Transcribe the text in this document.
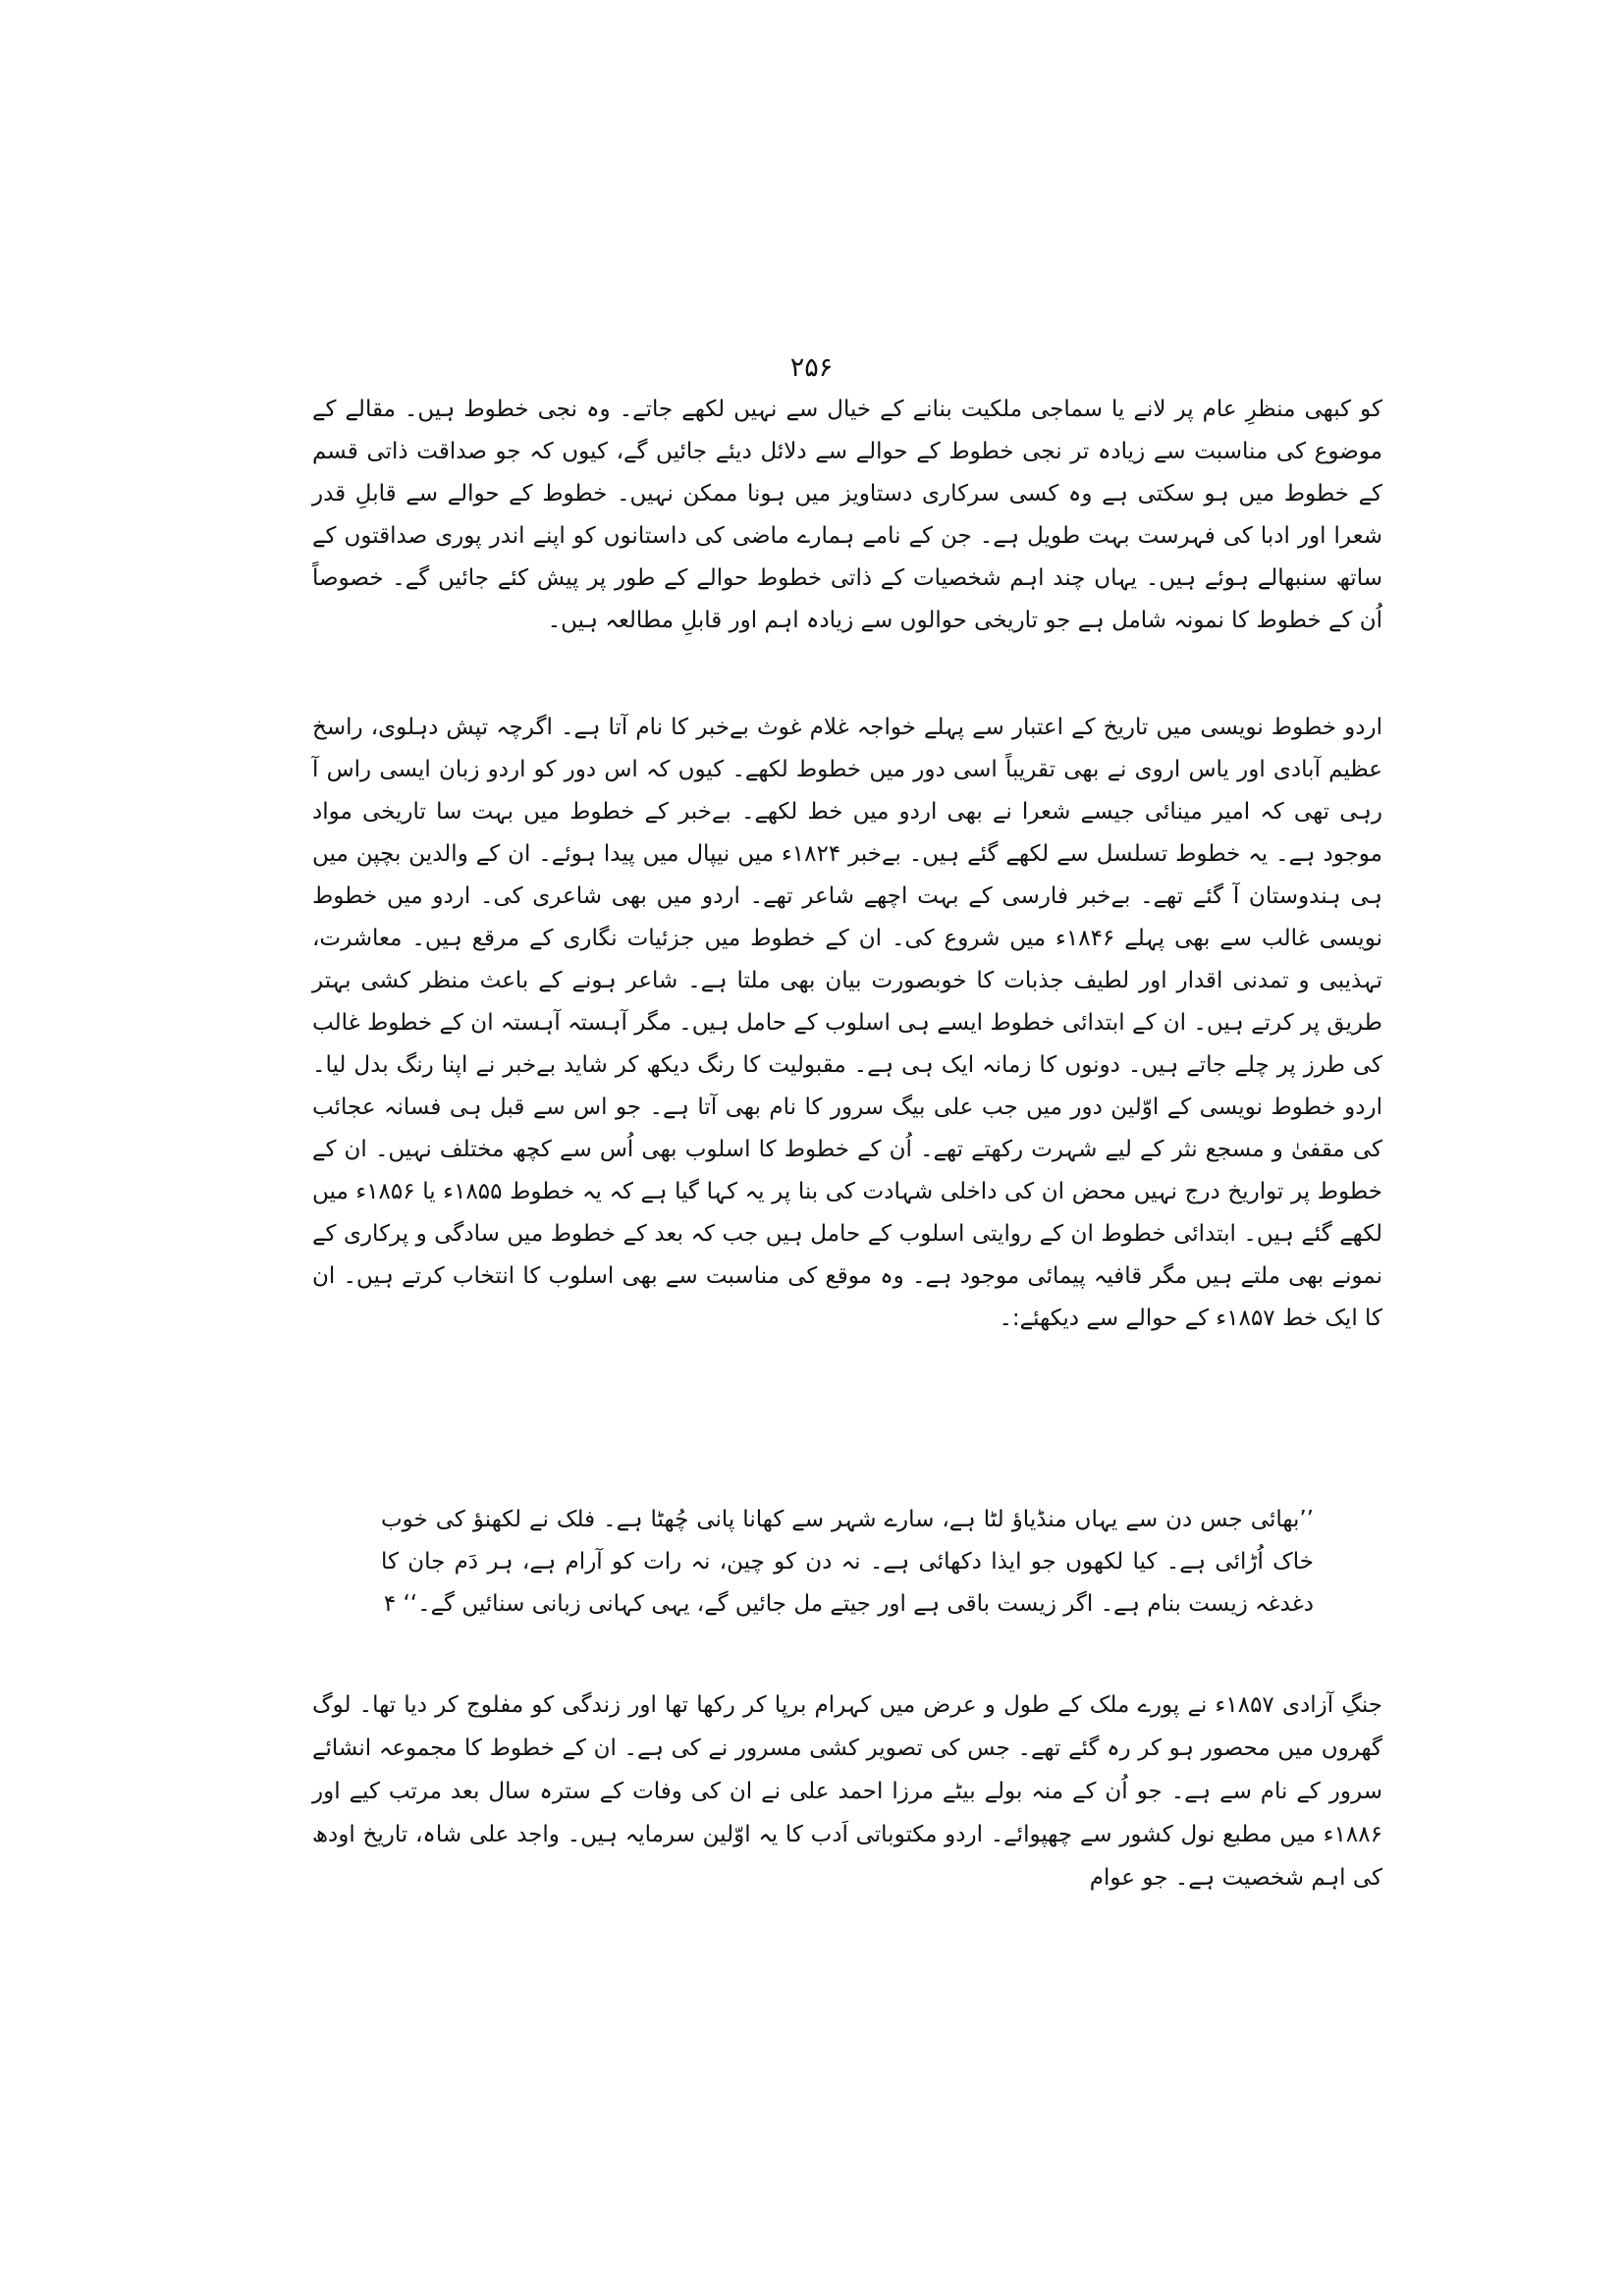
۲۵۶

کو کبھی منظرِ عام پر لانے یا سماجی ملکیت بنانے کے خیال سے نہیں لکھے جاتے۔ وہ نجی خطوط ہیں۔ مقالے کے موضوع کی مناسبت سے زیادہ تر نجی خطوط کے حوالے سے دلائل دیئے جائیں گے، کیوں کہ جو صداقت ذاتی قسم کے خطوط میں ہو سکتی ہے وہ کسی سرکاری دستاویز میں ہونا ممکن نہیں۔ خطوط کے حوالے سے قابلِ قدر شعرا اور ادبا کی فہرست بہت طویل ہے۔ جن کے نامے ہمارے ماضی کی داستانوں کو اپنے اندر پوری صداقتوں کے ساتھ سنبھالے ہوئے ہیں۔ یہاں چند اہم شخصیات کے ذاتی خطوط حوالے کے طور پر پیش کئے جائیں گے۔ خصوصاً اُن کے خطوط کا نمونہ شامل ہے جو تاریخی حوالوں سے زیادہ اہم اور قابلِ مطالعہ ہیں۔

اردو خطوط نویسی میں تاریخ کے اعتبار سے پہلے خواجہ غلام غوث بےخبر کا نام آتا ہے۔ اگرچہ تپش دہلوی، راسخ عظیم آبادی اور یاس اروی نے بھی تقریباً اسی دور میں خطوط لکھے۔ کیوں کہ اس دور کو اردو زبان ایسی راس آ رہی تھی کہ امیر مینائی جیسے شعرا نے بھی اردو میں خط لکھے۔ بےخبر کے خطوط میں بہت سا تاریخی مواد موجود ہے۔ یہ خطوط تسلسل سے لکھے گئے ہیں۔ بےخبر ۱۸۲۴ء میں نیپال میں پیدا ہوئے۔ ان کے والدین بچپن میں ہی ہندوستان آ گئے تھے۔ بےخبر فارسی کے بہت اچھے شاعر تھے۔ اردو میں بھی شاعری کی۔ اردو میں خطوط نویسی غالب سے بھی پہلے ۱۸۴۶ء میں شروع کی۔ ان کے خطوط میں جزئیات نگاری کے مرقع ہیں۔ معاشرت، تہذیبی و تمدنی اقدار اور لطیف جذبات کا خوبصورت بیان بھی ملتا ہے۔ شاعر ہونے کے باعث منظر کشی بہتر طریق پر کرتے ہیں۔ ان کے ابتدائی خطوط ایسے ہی اسلوب کے حامل ہیں۔ مگر آہستہ آہستہ ان کے خطوط غالب کی طرز پر چلے جاتے ہیں۔ دونوں کا زمانہ ایک ہی ہے۔ مقبولیت کا رنگ دیکھ کر شاید بےخبر نے اپنا رنگ بدل لیا۔ اردو خطوط نویسی کے اوّلین دور میں جب علی بیگ سرور کا نام بھی آتا ہے۔ جو اس سے قبل ہی فسانہ عجائب کی مقفیٰ و مسجع نثر کے لیے شہرت رکھتے تھے۔ اُن کے خطوط کا اسلوب بھی اُس سے کچھ مختلف نہیں۔ ان کے خطوط پر تواریخ درج نہیں محض ان کی داخلی شہادت کی بنا پر یہ کہا گیا ہے کہ یہ خطوط ۱۸۵۵ء یا ۱۸۵۶ء میں لکھے گئے ہیں۔ ابتدائی خطوط ان کے روایتی اسلوب کے حامل ہیں جب کہ بعد کے خطوط میں سادگی و پرکاری کے نمونے بھی ملتے ہیں مگر قافیہ پیمائی موجود ہے۔ وہ موقع کی مناسبت سے بھی اسلوب کا انتخاب کرتے ہیں۔ ان کا ایک خط ۱۸۵۷ء کے حوالے سے دیکھئے:۔

’’بھائی جس دن سے یہاں منڈیاؤ لٹا ہے، سارے شہر سے کھانا پانی چُھٹا ہے۔ فلک نے لکھنؤ کی خوب خاک اُڑائی ہے۔ کیا لکھوں جو ایذا دکھائی ہے۔ نہ دن کو چین، نہ رات کو آرام ہے، ہر دَم جان کا دغدغہ زیست بنام ہے۔ اگر زیست باقی ہے اور جیتے مل جائیں گے، یہی کہانی زبانی سنائیں گے۔‘‘ ۴

جنگِ آزادی ۱۸۵۷ء نے پورے ملک کے طول و عرض میں کہرام برپا کر رکھا تھا اور زندگی کو مفلوج کر دیا تھا۔ لوگ گھروں میں محصور ہو کر رہ گئے تھے۔ جس کی تصویر کشی مسرور نے کی ہے۔ ان کے خطوط کا مجموعہ انشائے سرور کے نام سے ہے۔ جو اُن کے منہ بولے بیٹے مرزا احمد علی نے ان کی وفات کے سترہ سال بعد مرتب کیے اور ۱۸۸۶ء میں مطبع نول کشور سے چھپوائے۔ اردو مکتوباتی اَدب کا یہ اوّلین سرمایہ ہیں۔ واجد علی شاہ، تاریخ اودھ کی اہم شخصیت ہے۔ جو عوام
